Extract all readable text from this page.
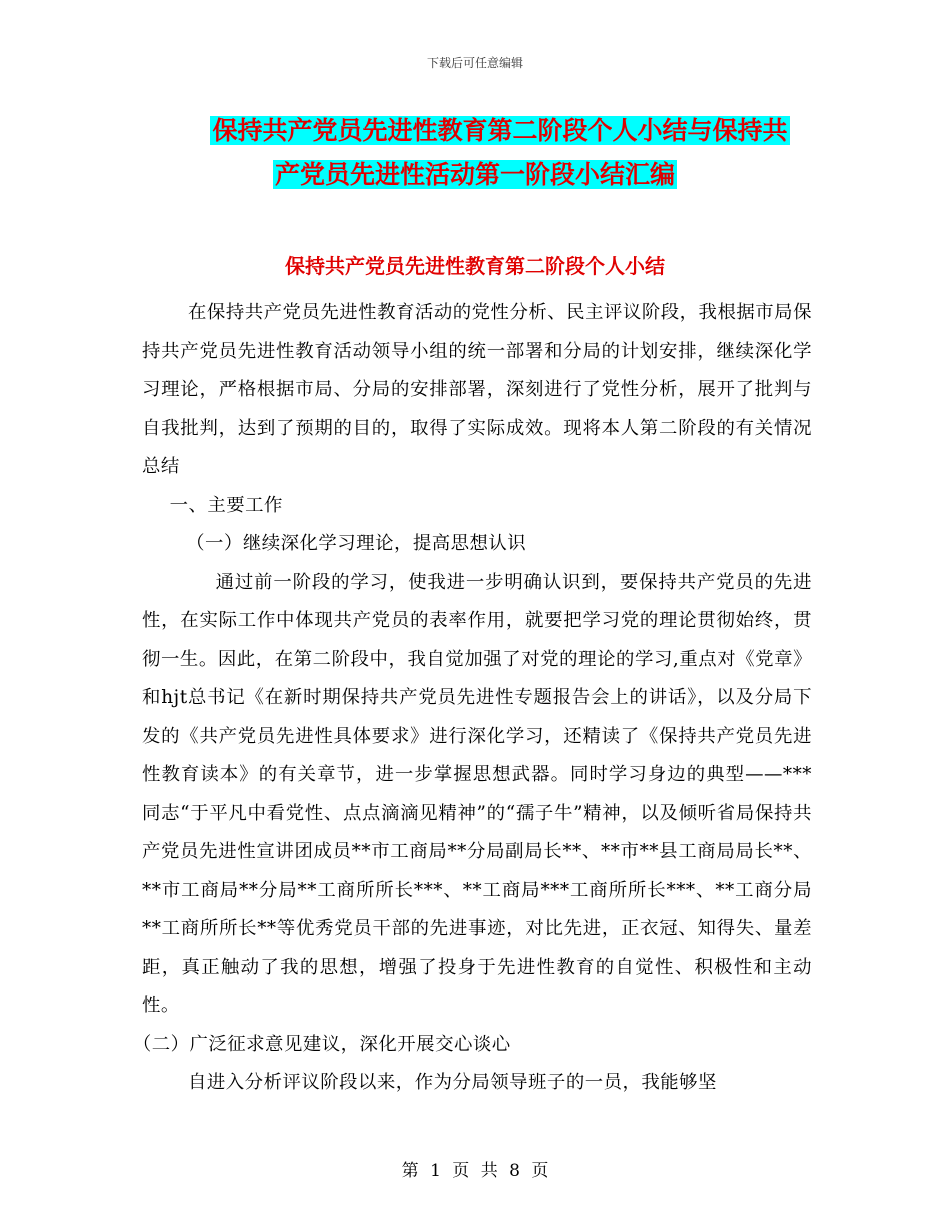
下载后可任意编辑
保持共产党员先进性教育第二阶段个人小结与保持共
产党员先进性活动第一阶段小结汇编
保持共产党员先进性教育第二阶段个人小结

在保持共产党员先进性教育活动的党性分析、民主评议阶段，我根据市局保持共产党员先进性教育活动领导小组的统一部署和分局的计划安排，继续深化学习理论，严格根据市局、分局的安排部署，深刻进行了党性分析，展开了批判与自我批判，达到了预期的目的，取得了实际成效。现将本人第二阶段的有关情况总结

一、主要工作

（一）继续深化学习理论，提高思想认识

通过前一阶段的学习，使我进一步明确认识到，要保持共产党员的先进性，在实际工作中体现共产党员的表率作用，就要把学习党的理论贯彻始终，贯彻一生。因此，在第二阶段中，我自觉加强了对党的理论的学习,重点对《党章》和hjt总书记《在新时期保持共产党员先进性专题报告会上的讲话》，以及分局下发的《共产党员先进性具体要求》进行深化学习，还精读了《保持共产党员先进性教育读本》的有关章节，进一步掌握思想武器。同时学习身边的典型——***同志“于平凡中看党性、点点滴滴见精神”的“孺子牛”精神，以及倾听省局保持共产党员先进性宣讲团成员**市工商局**分局副局长**、**市**县工商局局长**、**市工商局**分局**工商所所长***、**工商局***工商所所长***、**工商分局**工商所所长**等优秀党员干部的先进事迹，对比先进，正衣冠、知得失、量差距，真正触动了我的思想，增强了投身于先进性教育的自觉性、积极性和主动性。

（二）广泛征求意见建议，深化开展交心谈心

自进入分析评议阶段以来，作为分局领导班子的一员，我能够坚

第 1 页 共 8 页
